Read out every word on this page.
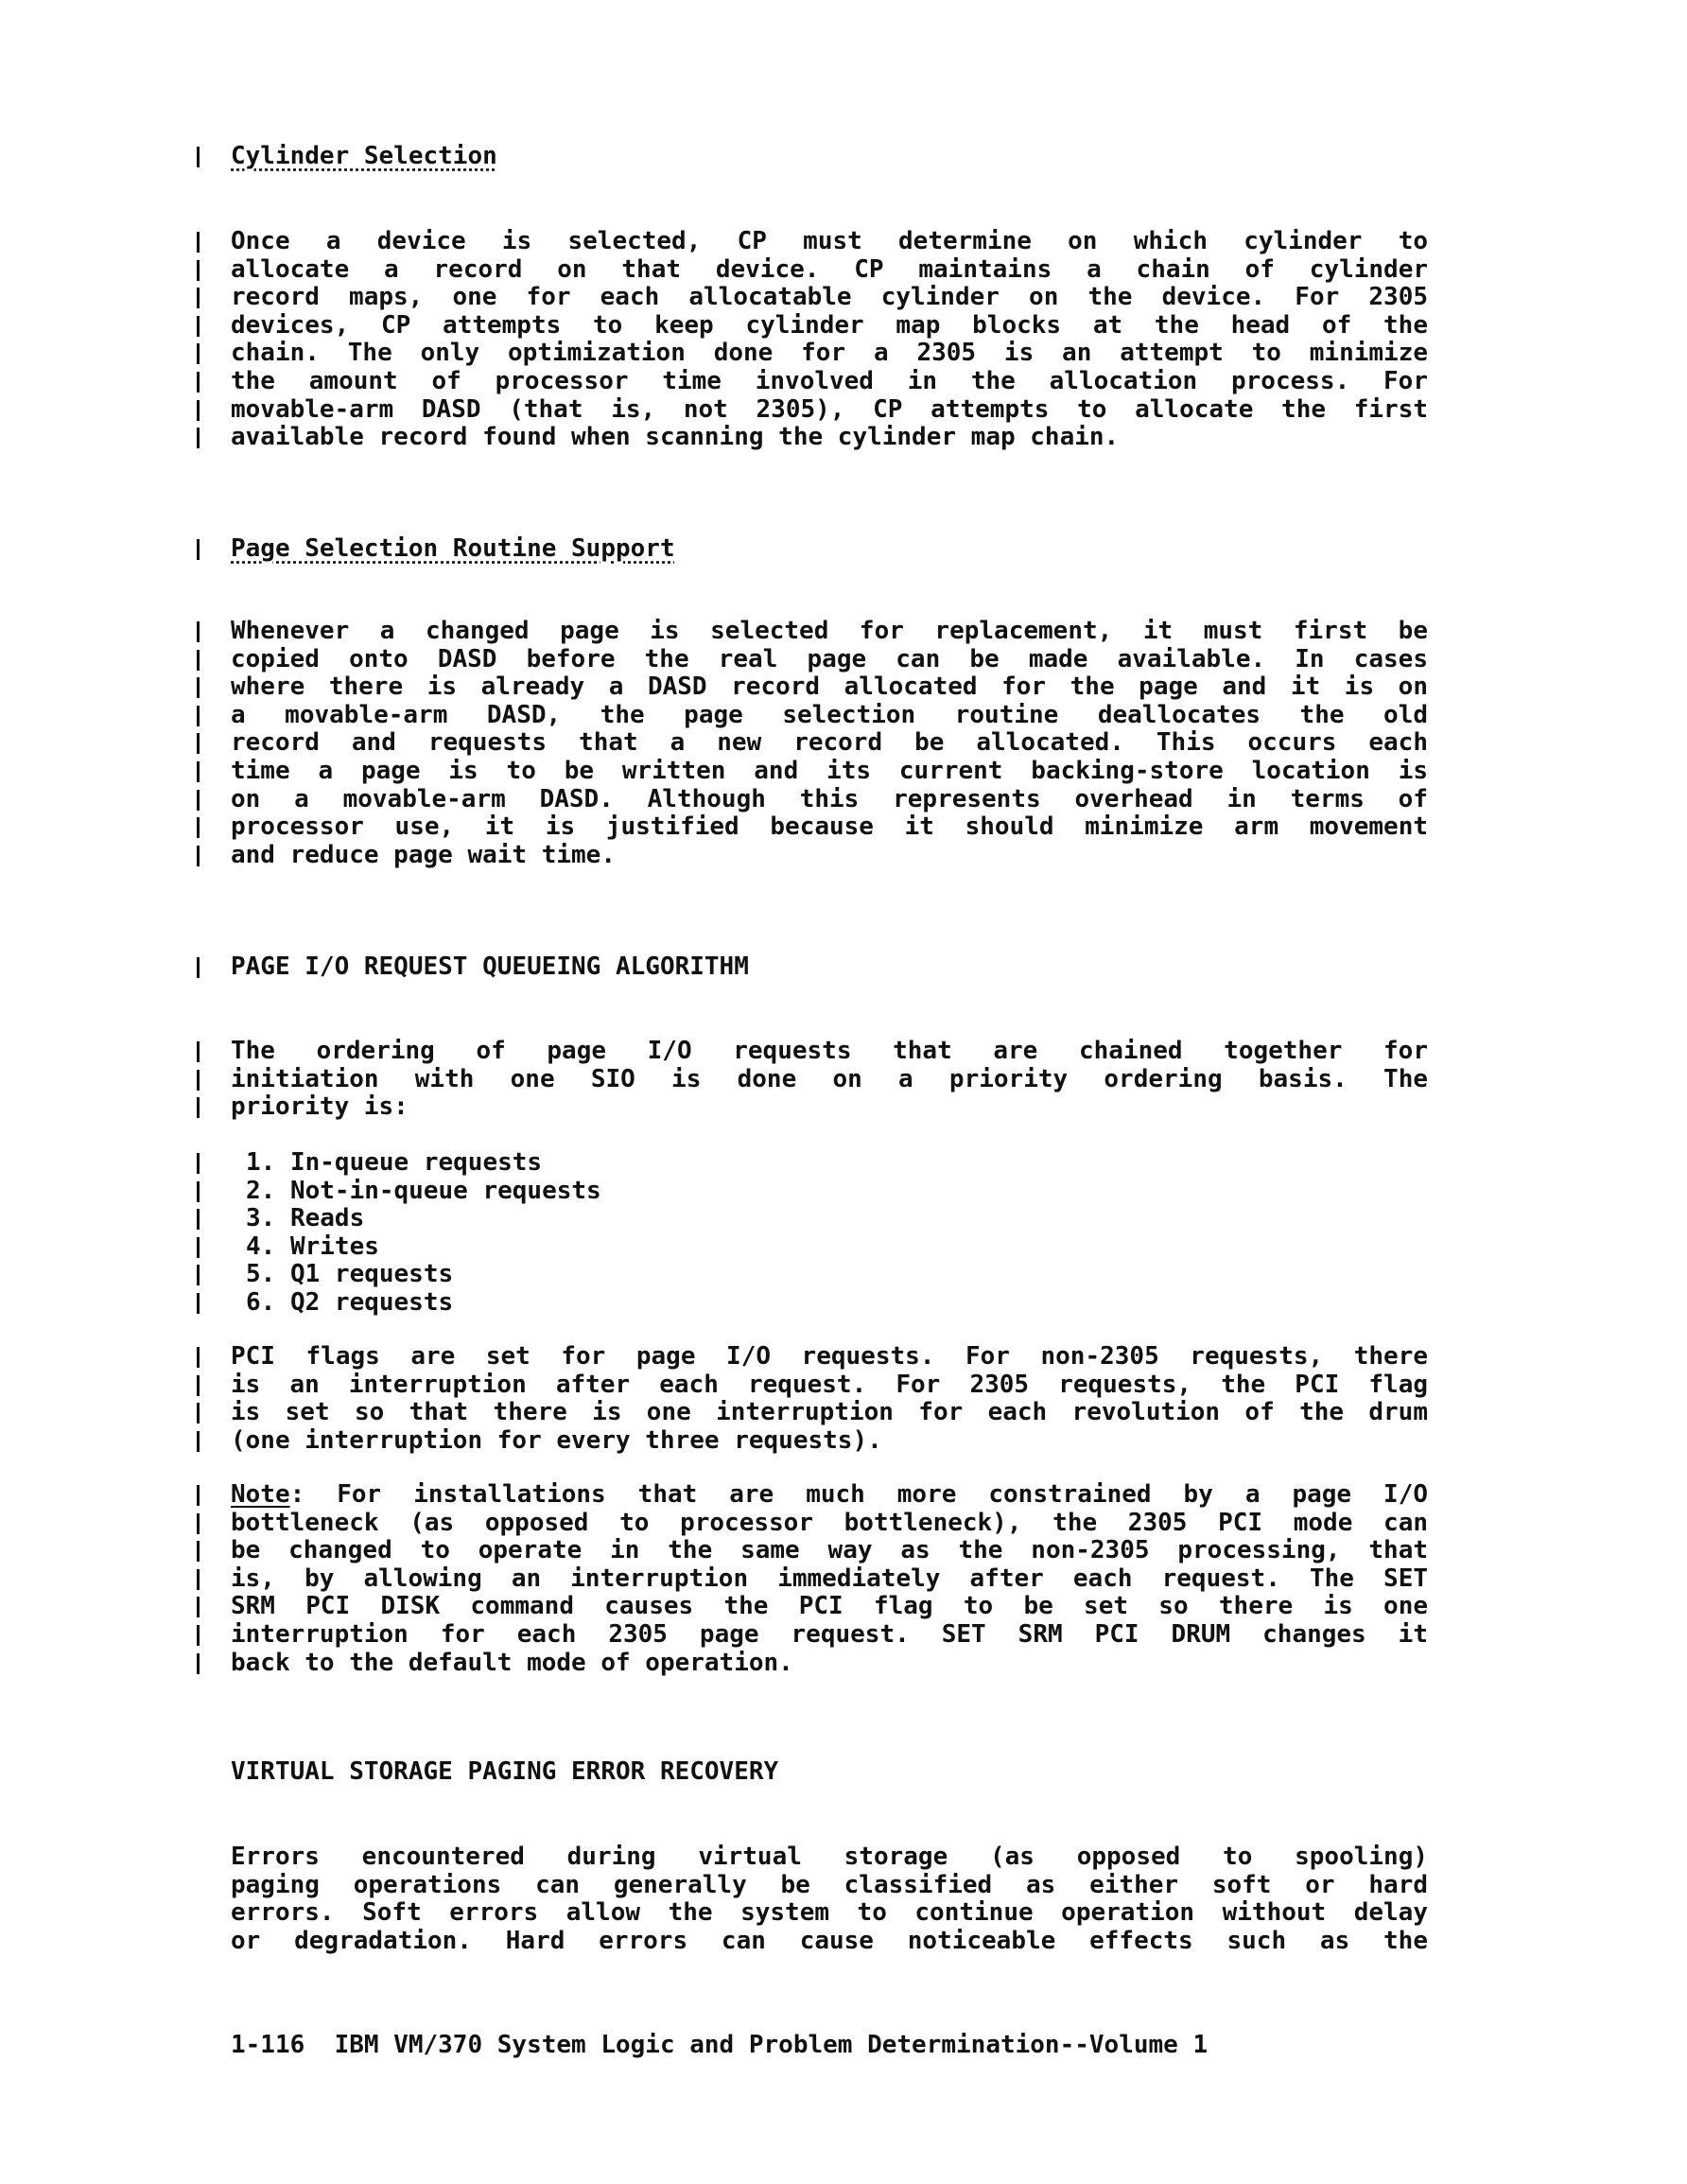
Cylinder Selection
Once a device is selected, CP must determine on which cylinder to
allocate a record on that device. CP maintains a chain of cylinder
record maps, one for each allocatable cylinder on the device. For 2305
devices, CP attempts to keep cylinder map blocks at the head of the
chain. The only optimization done for a 2305 is an attempt to minimize
the amount of processor time involved in the allocation process. For
movable-arm DASD (that is, not 2305), CP attempts to allocate the first
available record found when scanning the cylinder map chain.
Page Selection Routine Support
Whenever a changed page is selected for replacement, it must first be
copied onto DASD before the real page can be made available. In cases
where there is already a DASD record allocated for the page and it is on
a movable-arm DASD, the page selection routine deallocates the old
record and requests that a new record be allocated. This occurs each
time a page is to be written and its current backing-store location is
on a movable-arm DASD. Although this represents overhead in terms of
processor use, it is justified because it should minimize arm movement
and reduce page wait time.
PAGE I/O REQUEST QUEUEING ALGORITHM
The ordering of page I/O requests that are chained together for
initiation with one SIO is done on a priority ordering basis. The
priority is:
1. In-queue requests
2. Not-in-queue requests
3. Reads
4. Writes
5. Q1 requests
6. Q2 requests
PCI flags are set for page I/O requests. For non-2305 requests, there
is an interruption after each request. For 2305 requests, the PCI flag
is set so that there is one interruption for each revolution of the drum
(one interruption for every three requests).
Note: For installations that are much more constrained by a page I/O
bottleneck (as opposed to processor bottleneck), the 2305 PCI mode can
be changed to operate in the same way as the non-2305 processing, that
is, by allowing an interruption immediately after each request. The SET
SRM PCI DISK command causes the PCI flag to be set so there is one
interruption for each 2305 page request. SET SRM PCI DRUM changes it
back to the default mode of operation.
VIRTUAL STORAGE PAGING ERROR RECOVERY
Errors encountered during virtual storage (as opposed to spooling)
paging operations can generally be classified as either soft or hard
errors. Soft errors allow the system to continue operation without delay
or degradation. Hard errors can cause noticeable effects such as the
1-116  IBM VM/370 System Logic and Problem Determination--Volume 1
